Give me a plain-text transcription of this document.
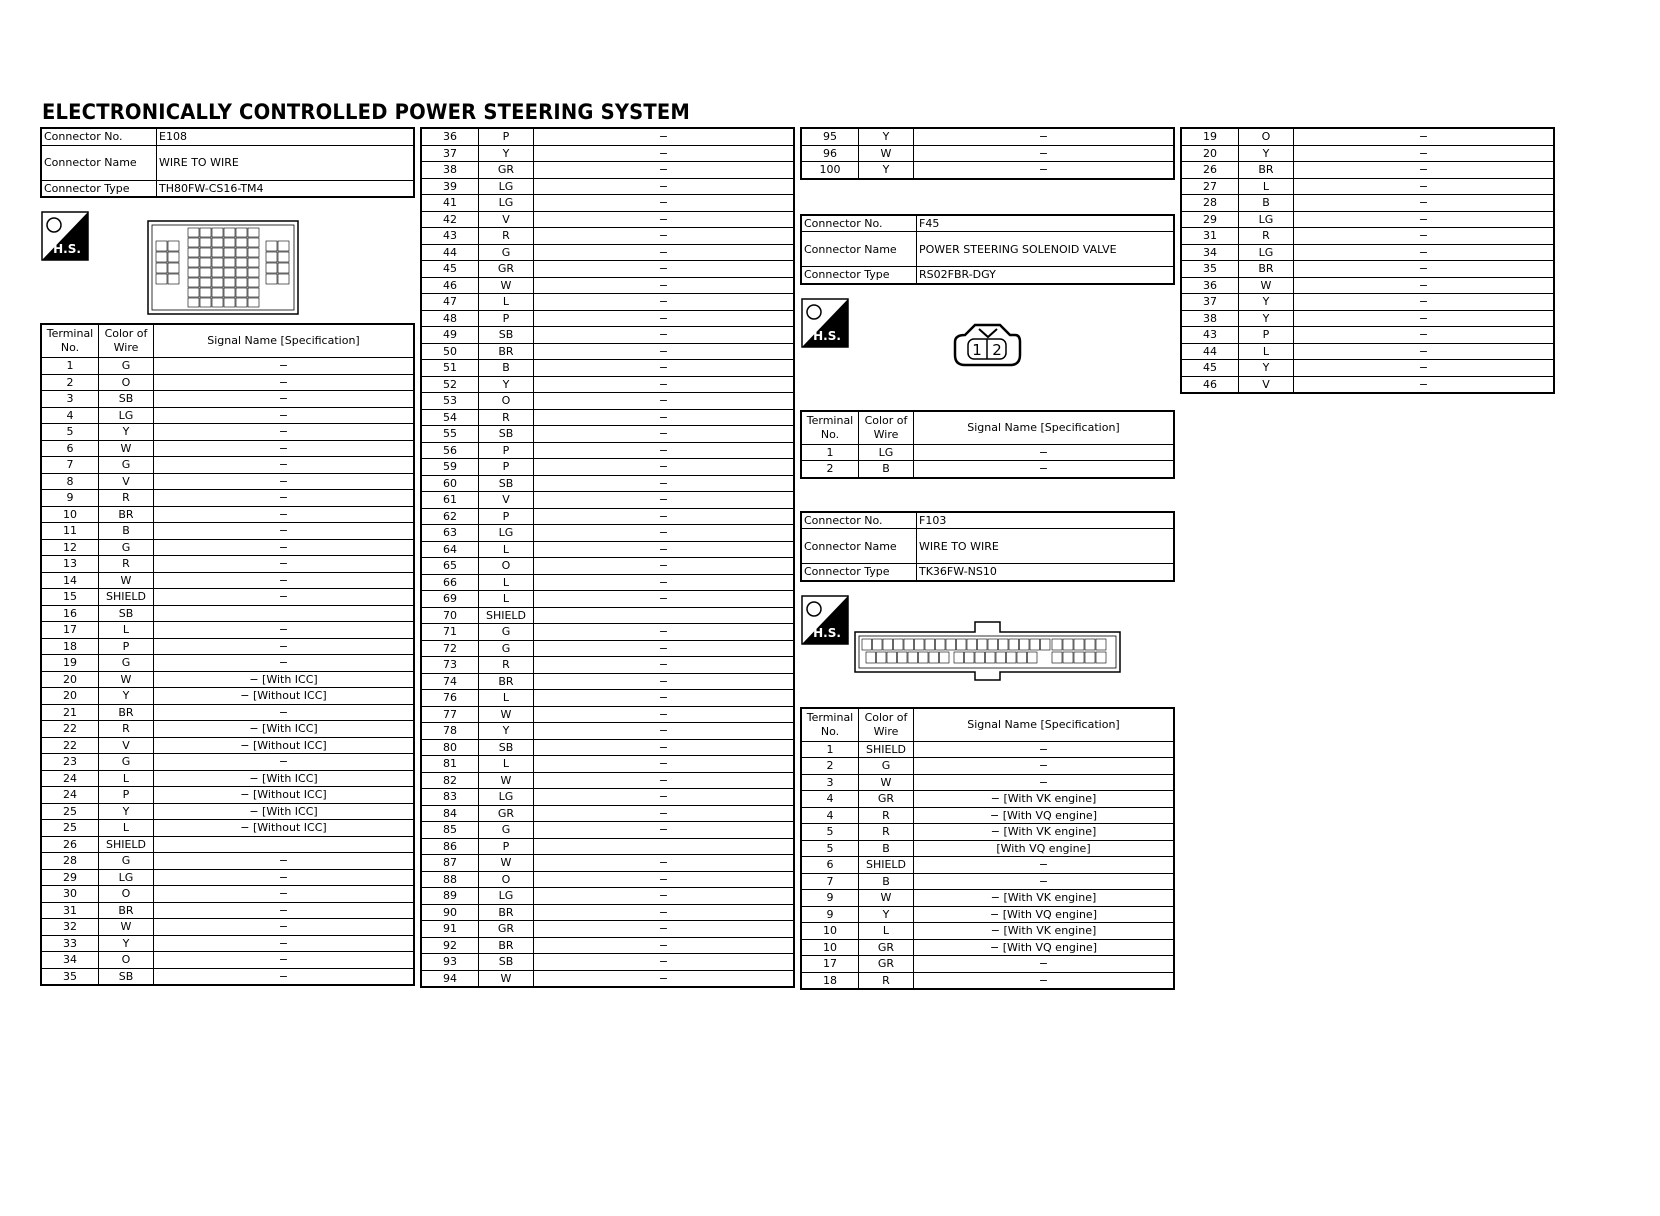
ELECTRONICALLY CONTROLLED POWER STEERING SYSTEM
Connector No.	E108
Connector Name	WIRE TO WIRE
Connector Type	TH80FW-CS16-TM4
H.S.
Terminal No.	Color of Wire	Signal Name [Specification]
1	G	−
2	O	−
3	SB	−
4	LG	−
5	Y	−
6	W	−
7	G	−
8	V	−
9	R	−
10	BR	−
11	B	−
12	G	−
13	R	−
14	W	−
15	SHIELD	−
16	SB	
17	L	−
18	P	−
19	G	−
20	W	− [With ICC]
20	Y	− [Without ICC]
21	BR	−
22	R	− [With ICC]
22	V	− [Without ICC]
23	G	−
24	L	− [With ICC]
24	P	− [Without ICC]
25	Y	− [With ICC]
25	L	− [Without ICC]
26	SHIELD	
28	G	−
29	LG	−
30	O	−
31	BR	−
32	W	−
33	Y	−
34	O	−
35	SB	−
36	P	−
37	Y	−
38	GR	−
39	LG	−
41	LG	−
42	V	−
43	R	−
44	G	−
45	GR	−
46	W	−
47	L	−
48	P	−
49	SB	−
50	BR	−
51	B	−
52	Y	−
53	O	−
54	R	−
55	SB	−
56	P	−
59	P	−
60	SB	−
61	V	−
62	P	−
63	LG	−
64	L	−
65	O	−
66	L	−
69	L	−
70	SHIELD	
71	G	−
72	G	−
73	R	−
74	BR	−
76	L	−
77	W	−
78	Y	−
80	SB	−
81	L	−
82	W	−
83	LG	−
84	GR	−
85	G	−
86	P	
87	W	−
88	O	−
89	LG	−
90	BR	−
91	GR	−
92	BR	−
93	SB	−
94	W	−
95	Y	−
96	W	−
100	Y	−
Connector No.	F45
Connector Name	POWER STEERING SOLENOID VALVE
Connector Type	RS02FBR-DGY
H.S.
1 2
Terminal No.	Color of Wire	Signal Name [Specification]
1	LG	−
2	B	−
Connector No.	F103
Connector Name	WIRE TO WIRE
Connector Type	TK36FW-NS10
H.S.
Terminal No.	Color of Wire	Signal Name [Specification]
1	SHIELD	−
2	G	−
3	W	−
4	GR	− [With VK engine]
4	R	− [With VQ engine]
5	R	− [With VK engine]
5	B	[With VQ engine]
6	SHIELD	−
7	B	−
9	W	− [With VK engine]
9	Y	− [With VQ engine]
10	L	− [With VK engine]
10	GR	− [With VQ engine]
17	GR	−
18	R	−
19	O	−
20	Y	−
26	BR	−
27	L	−
28	B	−
29	LG	−
31	R	−
34	LG	−
35	BR	−
36	W	−
37	Y	−
38	Y	−
43	P	−
44	L	−
45	Y	−
46	V	−
